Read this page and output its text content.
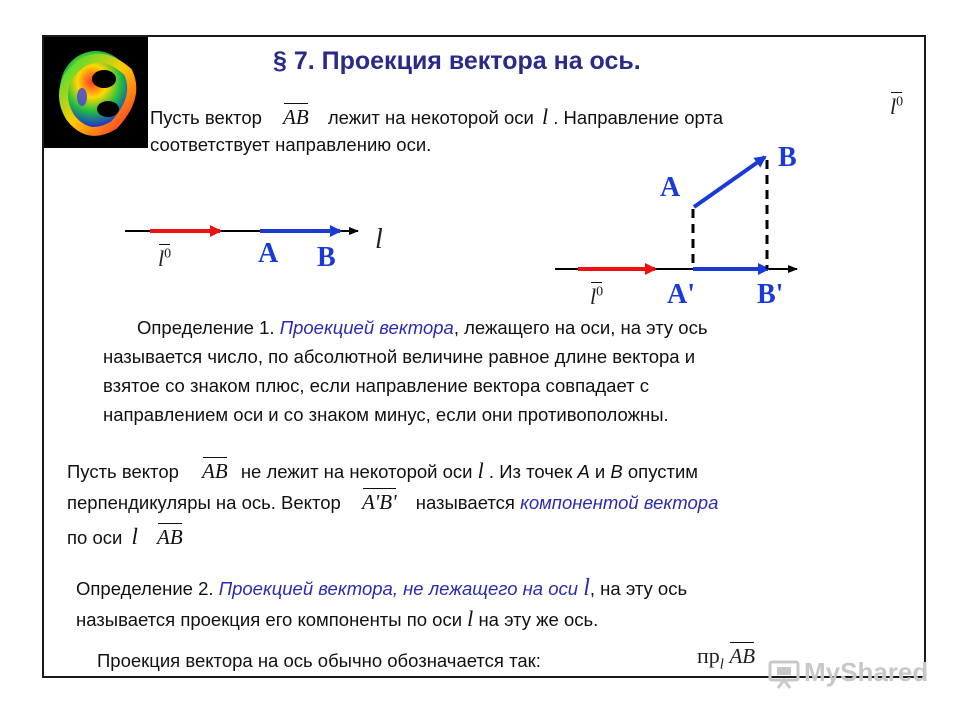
§ 7. Проекция вектора на ось.
Пусть вектор AB лежит на некоторой оси l . Направление орта	$l^0$
соответствует направлению оси.
l
$l^0$	A B
A
B
A' B'
$l^0$
Определение 1. Проекцией вектора, лежащего на оси, на эту ось
называется число, по абсолютной величине равное длине вектора и
взятое со знаком плюс, если направление вектора совпадает с
направлением оси и со знаком минус, если они противоположны.
Пусть вектор AB не лежит на некоторой оси l . Из точек A и B опустим
перпендикуляры на ось. Вектор A'B' называется компонентой вектора
по оси l AB
Определение 2. Проекцией вектора, не лежащего на оси l, на эту ось
называется проекция его компоненты по оси l на эту же ось.
Проекция вектора на ось обычно обозначается так:	$пр_l$ AB
MyShared
